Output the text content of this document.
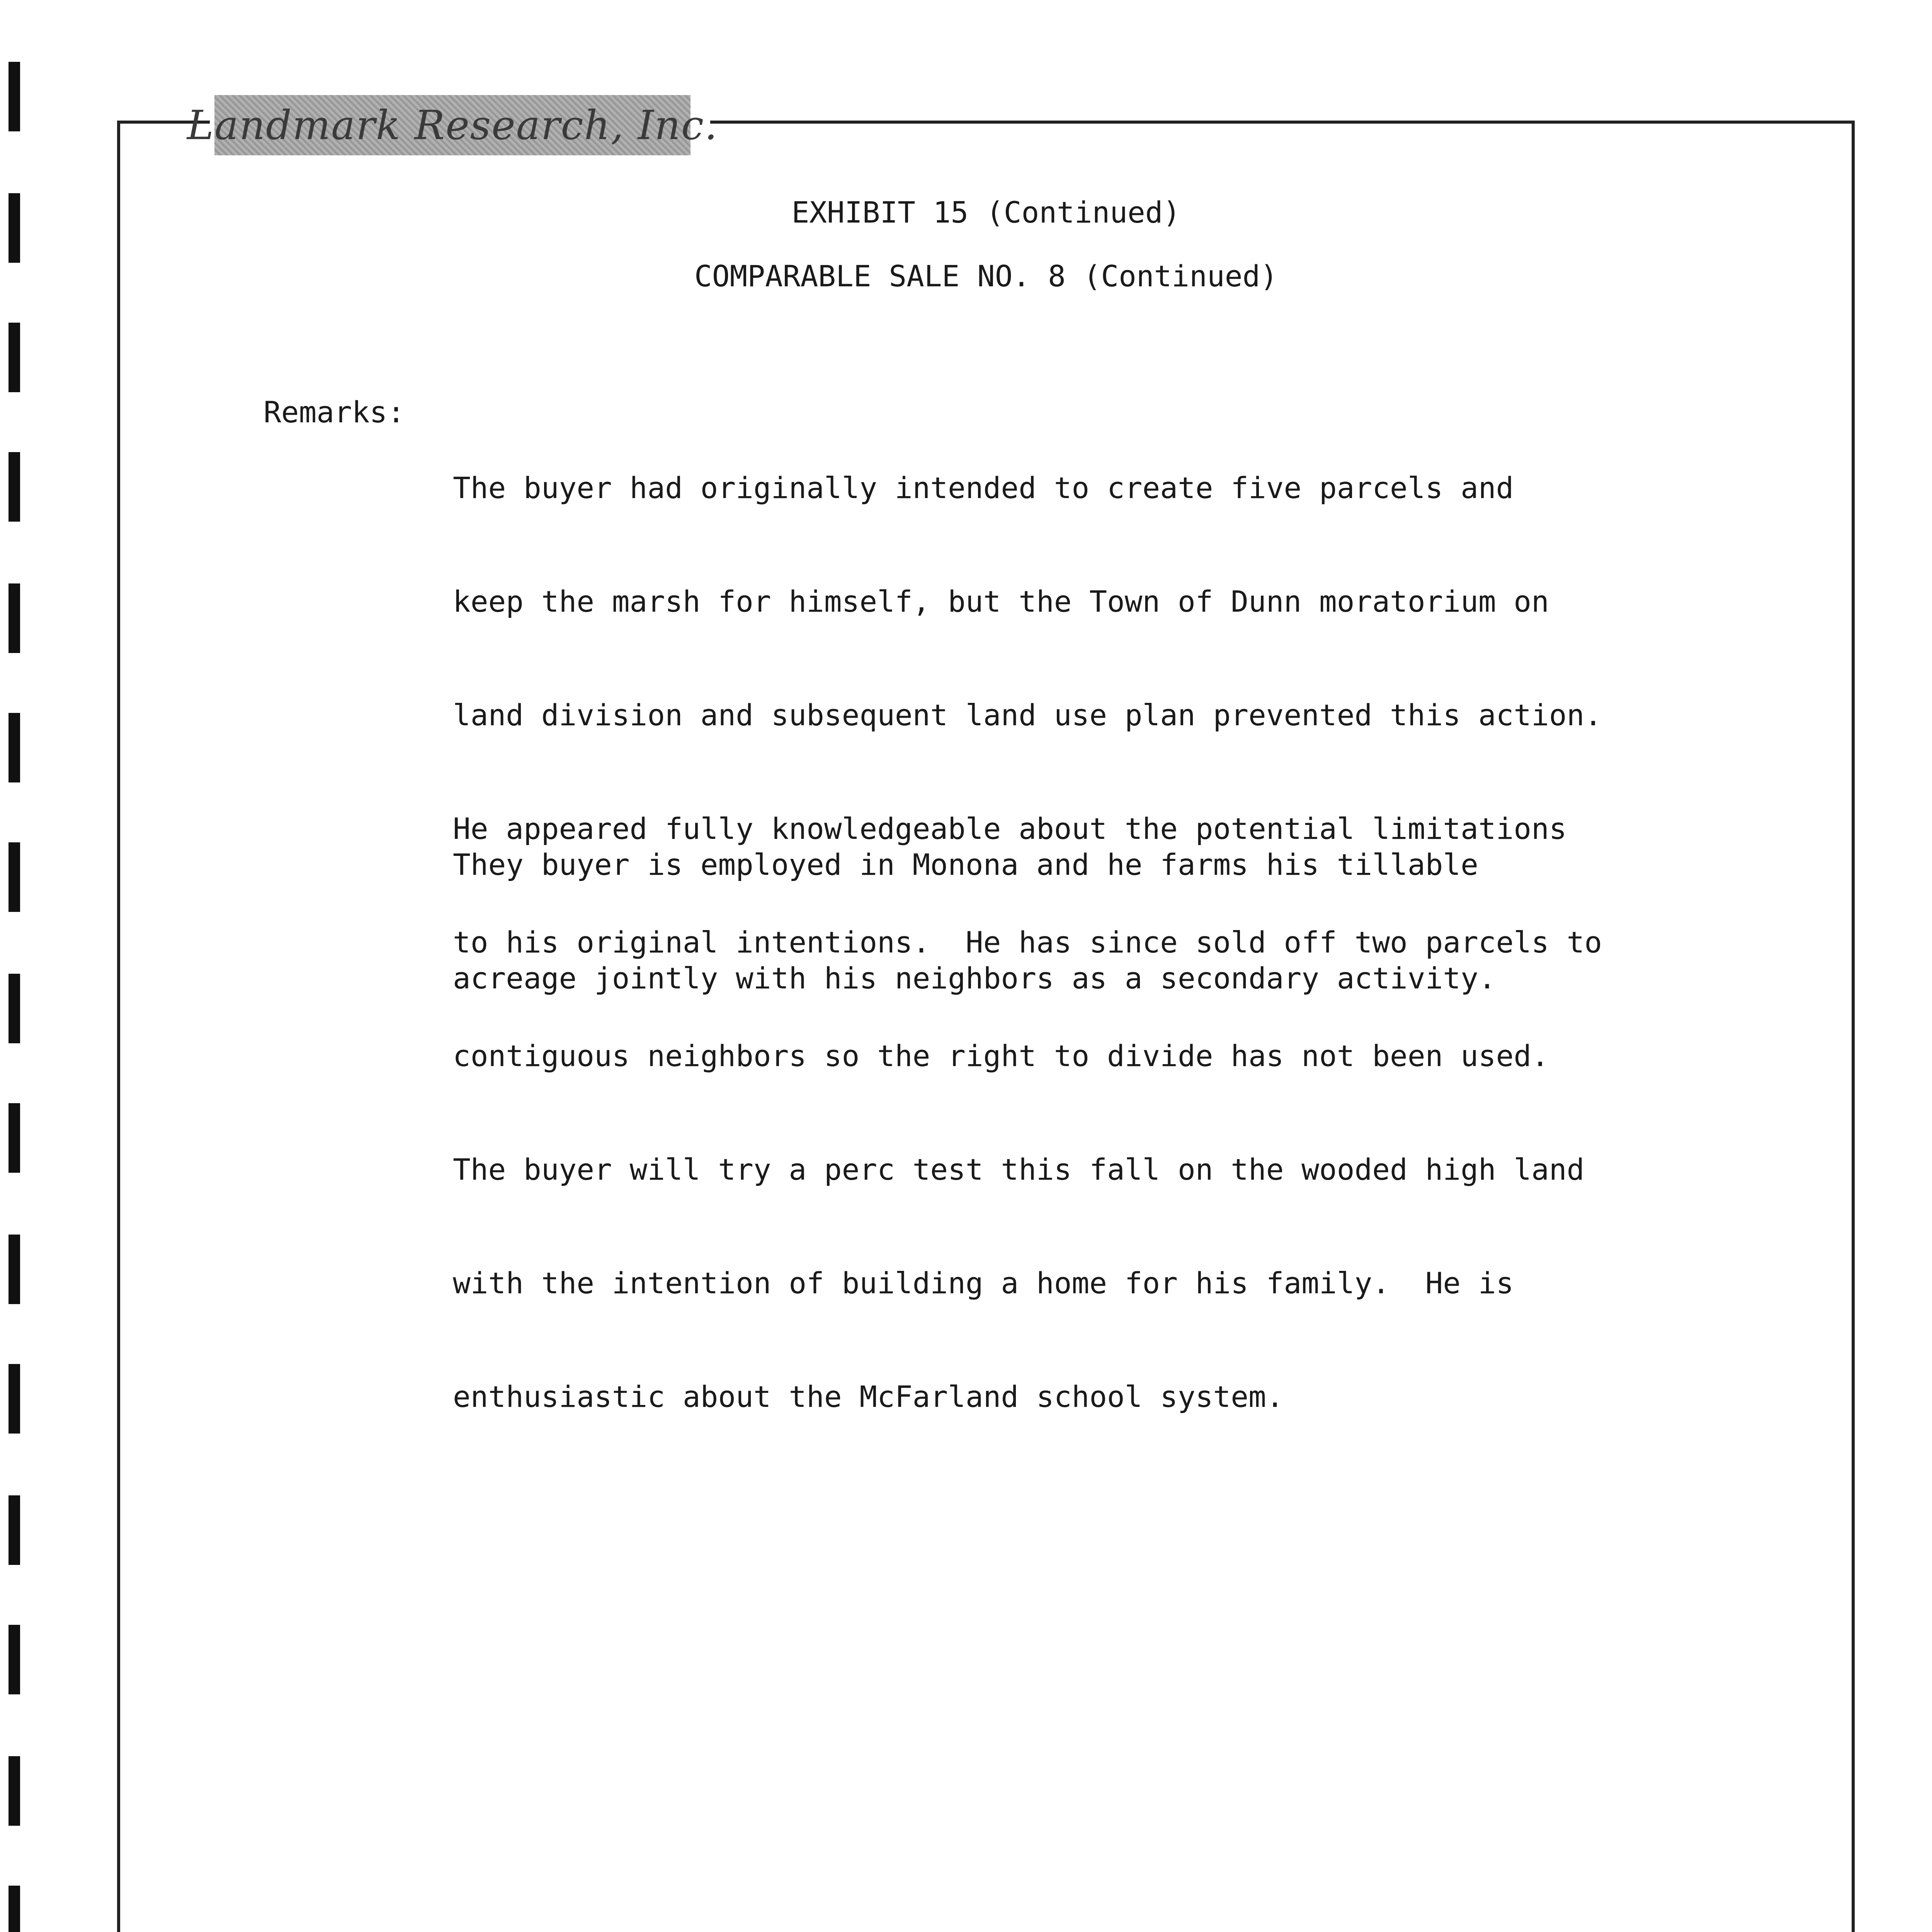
Landmark Research, Inc.
EXHIBIT 15 (Continued)
COMPARABLE SALE NO. 8 (Continued)
Remarks:

The buyer had originally intended to create five parcels and

keep the marsh for himself, but the Town of Dunn moratorium on

land division and subsequent land use plan prevented this action.

He appeared fully knowledgeable about the potential limitations

to his original intentions.  He has since sold off two parcels to

contiguous neighbors so the right to divide has not been used.

The buyer will try a perc test this fall on the wooded high land

with the intention of building a home for his family.  He is

enthusiastic about the McFarland school system.

They buyer is employed in Monona and he farms his tillable

acreage jointly with his neighbors as a secondary activity.
